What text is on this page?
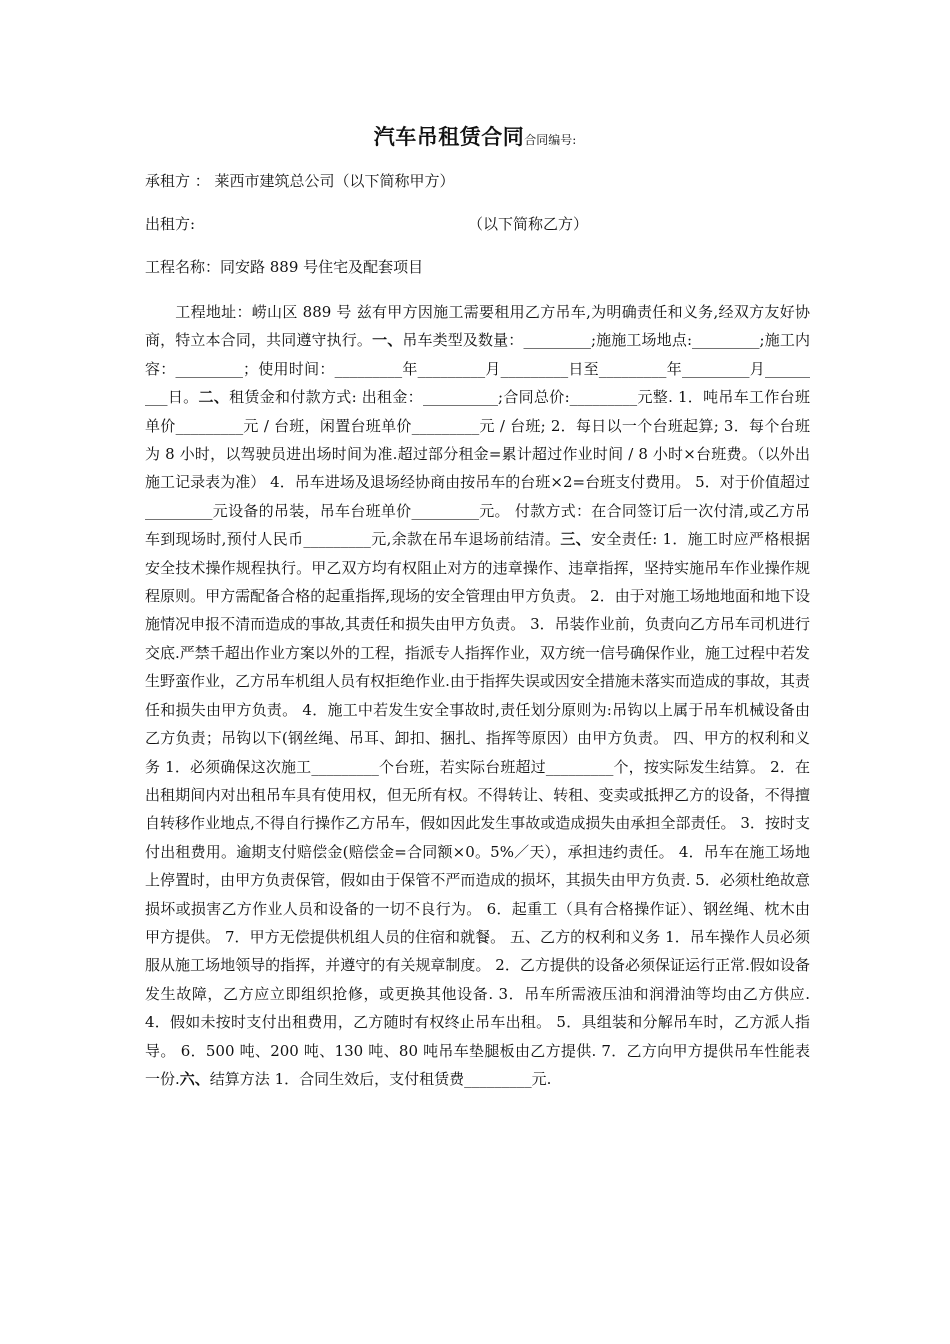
汽车吊租赁合同合同编号:
承租方 ： 莱西市建筑总公司（以下简称甲方）
出租方:	（以下简称乙方）
工程名称：同安路 889 号住宅及配套项目
工程地址：崂山区 889 号 兹有甲方因施工需要租用乙方吊车,为明确责任和义务,经双方友好协商，特立本合同，共同遵守执行。一、吊车类型及数量：_________;施施工场地点:_________;施工内容：_________；使用时间：_________年_________月_________日至_________年_________月_________日。二、租赁金和付款方式: 出租金：__________;合同总价:_________元整. 1．吨吊车工作台班单价_________元 / 台班，闲置台班单价_________元 / 台班; 2．每日以一个台班起算; 3．每个台班为 8 小时，以驾驶员进出场时间为准.超过部分租金=累计超过作业时间 / 8 小时×台班费。（以外出施工记录表为准） 4．吊车进场及退场经协商由按吊车的台班×2=台班支付费用。 5．对于价值超过_________元设备的吊装，吊车台班单价_________元。 付款方式：在合同签订后一次付清,或乙方吊车到现场时,预付人民币_________元,余款在吊车退场前结清。三、安全责任: 1．施工时应严格根据安全技术操作规程执行。甲乙双方均有权阻止对方的违章操作、违章指挥，坚持实施吊车作业操作规程原则。甲方需配备合格的起重指挥,现场的安全管理由甲方负责。 2．由于对施工场地地面和地下设施情况申报不清而造成的事故,其责任和损失由甲方负责。 3．吊装作业前，负责向乙方吊车司机进行交底.严禁千超出作业方案以外的工程，指派专人指挥作业，双方统一信号确保作业，施工过程中若发生野蛮作业，乙方吊车机组人员有权拒绝作业.由于指挥失误或因安全措施未落实而造成的事故，其责任和损失由甲方负责。 4．施工中若发生安全事故时,责任划分原则为:吊钩以上属于吊车机械设备由乙方负责；吊钩以下(钢丝绳、吊耳、卸扣、捆扎、指挥等原因）由甲方负责。 四、甲方的权利和义务 1．必须确保这次施工_________个台班，若实际台班超过_________个，按实际发生结算。 2．在出租期间内对出租吊车具有使用权，但无所有权。不得转让、转租、变卖或抵押乙方的设备，不得擅自转移作业地点,不得自行操作乙方吊车，假如因此发生事故或造成损失由承担全部责任。 3．按时支付出租费用。逾期支付赔偿金(赔偿金=合同额×0。5%／天），承担违约责任。 4．吊车在施工场地上停置时，由甲方负责保管，假如由于保管不严而造成的损坏，其损失由甲方负责. 5．必须杜绝故意损坏或损害乙方作业人员和设备的一切不良行为。 6．起重工（具有合格操作证）、钢丝绳、枕木由甲方提供。 7．甲方无偿提供机组人员的住宿和就餐。 五、乙方的权利和义务 1．吊车操作人员必须服从施工场地领导的指挥，并遵守的有关规章制度。 2．乙方提供的设备必须保证运行正常.假如设备发生故障，乙方应立即组织抢修，或更换其他设备. 3．吊车所需液压油和润滑油等均由乙方供应. 4．假如未按时支付出租费用，乙方随时有权终止吊车出租。 5．具组装和分解吊车时，乙方派人指导。 6．500 吨、200 吨、130 吨、80 吨吊车垫腿板由乙方提供. 7．乙方向甲方提供吊车性能表一份.六、结算方法 1．合同生效后，支付租赁费_________元.
